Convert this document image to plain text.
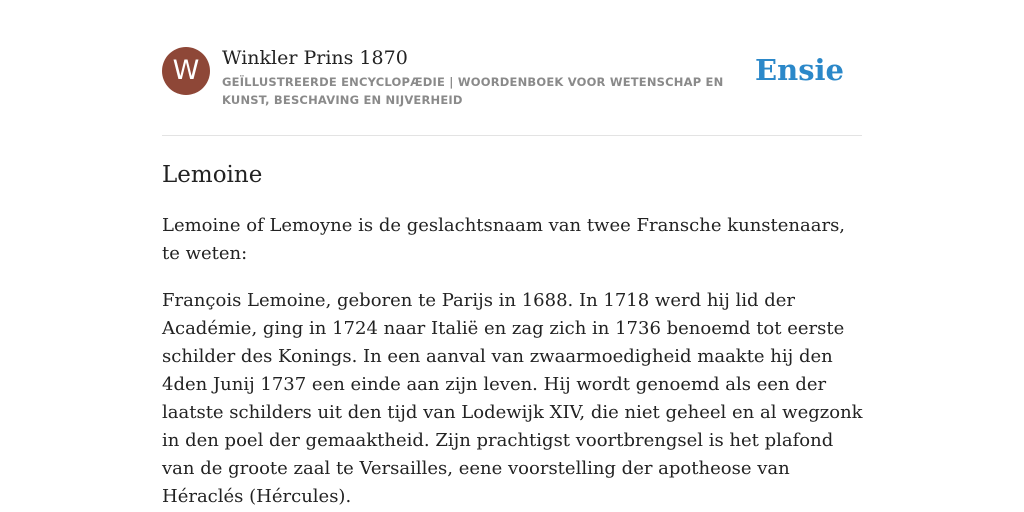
W	Winkler Prins 1870
GEÏLLUSTREERDE ENCYCLOPÆDIE | WOORDENBOEK VOOR WETENSCHAP EN KUNST, BESCHAVING EN NIJVERHEID
Ensie
Lemoine

Lemoine of Lemoyne is de geslachtsnaam van twee Fransche kunstenaars, te weten:

François Lemoine, geboren te Parijs in 1688. In 1718 werd hij lid der Académie, ging in 1724 naar Italië en zag zich in 1736 benoemd tot eerste schilder des Konings. In een aanval van zwaarmoedigheid maakte hij den 4den Junij 1737 een einde aan zijn leven. Hij wordt genoemd als een der laatste schilders uit den tijd van Lodewijk XIV, die niet geheel en al wegzonk in den poel der gemaaktheid. Zijn prachtigst voortbrengsel is het plafond van de groote zaal te Versailles, eene voorstelling der apotheose van Héraclés (Hércules).
